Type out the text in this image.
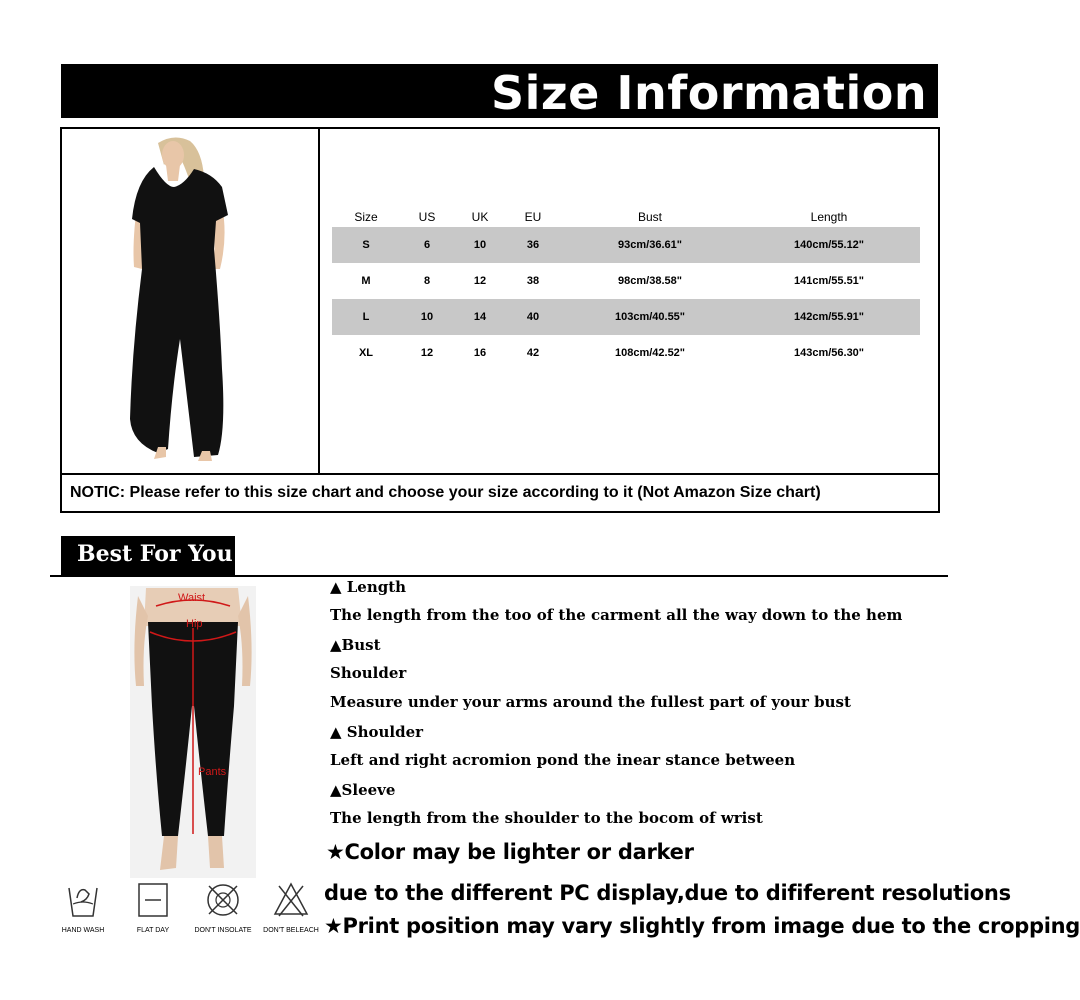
Size Information
Size	US	UK	EU	Bust	Length
S	6	10	36	93cm/36.61"	140cm/55.12"
M	8	12	38	98cm/38.58"	141cm/55.51"
L	10	14	40	103cm/40.55"	142cm/55.91"
XL	12	16	42	108cm/42.52"	143cm/56.30"
NOTIC: Please refer to this size chart and choose your size according to it (Not Amazon Size chart)
Best For You
Waist
Hip
Pants
HAND WASH	FLAT DAY	DON'T INSOLATE	DON'T BELEACH
▲ Length
The length from the too of the carment all the way down to the hem
▲Bust
Shoulder
Measure under your arms around the fullest part of your bust
▲ Shoulder
Left and right acromion pond the inear stance between
▲Sleeve
The length from the shoulder to the bocom of wrist
★Color may be lighter or darker
due to the different PC display,due to dififerent resolutions
★Print position may vary slightly from image due to the cropping
